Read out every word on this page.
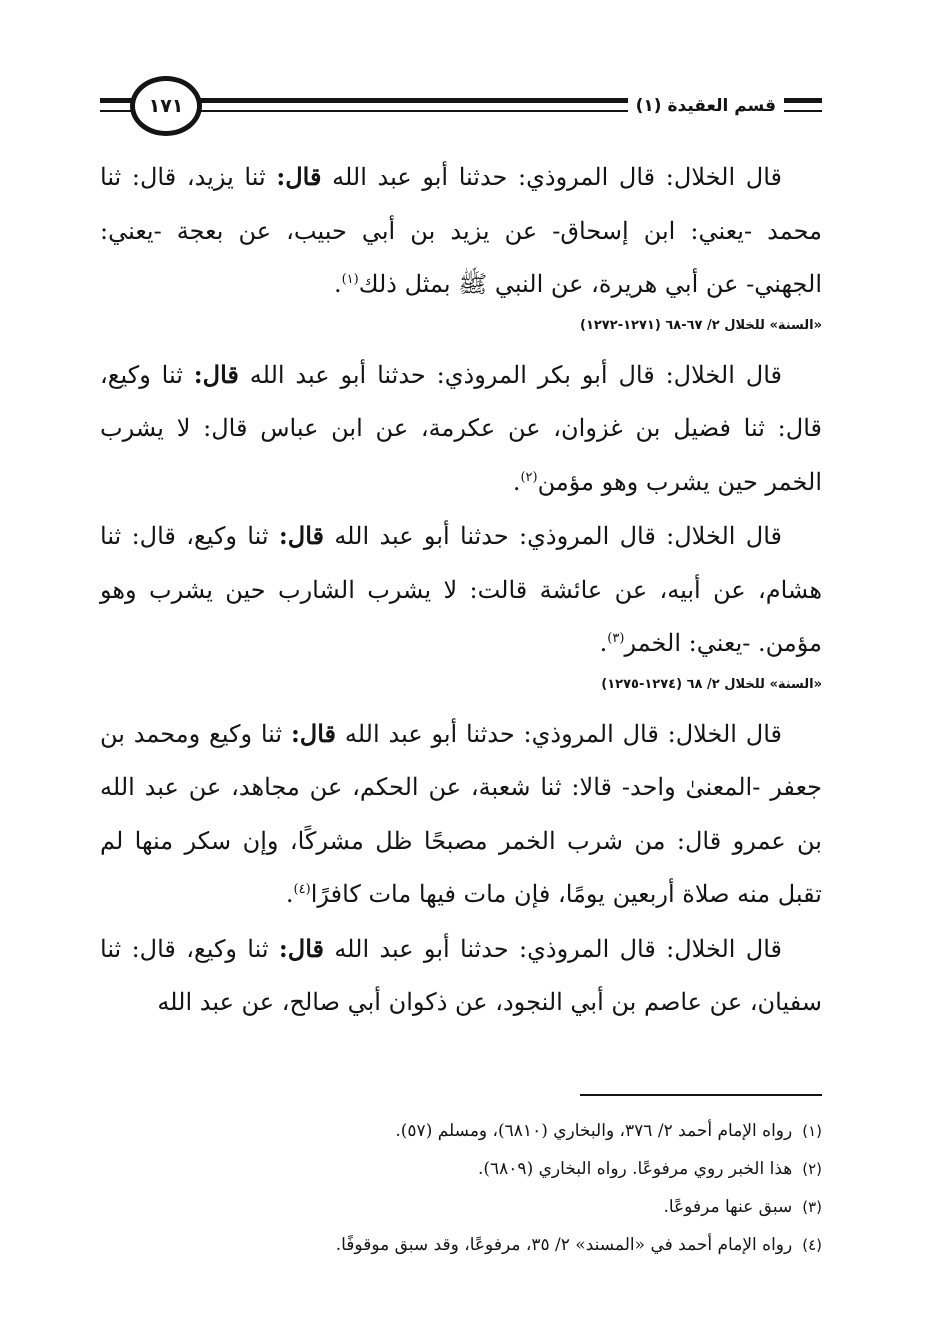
١٧١	قسم العقيدة (١)

قال الخلال: قال المروذي: حدثنا أبو عبد الله قال: ثنا يزيد، قال: ثنا محمد -يعني: ابن إسحاق- عن يزيد بن أبي حبيب، عن بعجة -يعني: الجهني- عن أبي هريرة، عن النبي ﷺ بمثل ذلك$^{(١)}$.

«السنة» للخلال ٢/ ٦٧-٦٨ (١٢٧١-١٢٧٢)

قال الخلال: قال أبو بكر المروذي: حدثنا أبو عبد الله قال: ثنا وكيع، قال: ثنا فضيل بن غزوان، عن عكرمة، عن ابن عباس قال: لا يشرب الخمر حين يشرب وهو مؤمن$^{(٢)}$.

قال الخلال: قال المروذي: حدثنا أبو عبد الله قال: ثنا وكيع، قال: ثنا هشام، عن أبيه، عن عائشة قالت: لا يشرب الشارب حين يشرب وهو مؤمن. -يعني: الخمر$^{(٣)}$.

«السنة» للخلال ٢/ ٦٨ (١٢٧٤-١٢٧٥)

قال الخلال: قال المروذي: حدثنا أبو عبد الله قال: ثنا وكيع ومحمد بن جعفر -المعنىٰ واحد- قالا: ثنا شعبة، عن الحكم، عن مجاهد، عن عبد الله بن عمرو قال: من شرب الخمر مصبحًا ظل مشركًا، وإن سكر منها لم تقبل منه صلاة أربعين يومًا، فإن مات فيها مات كافرًا$^{(٤)}$.

قال الخلال: قال المروذي: حدثنا أبو عبد الله قال: ثنا وكيع، قال: ثنا سفيان، عن عاصم بن أبي النجود، عن ذكوان أبي صالح، عن عبد الله

(١)
رواه الإمام أحمد ٢/ ٣٧٦، والبخاري (٦٨١٠)، ومسلم (٥٧).
(٢)
هذا الخبر روي مرفوعًا. رواه البخاري (٦٨٠٩).
(٣)
سبق عنها مرفوعًا.
(٤)
رواه الإمام أحمد في «المسند» ٢/ ٣٥، مرفوعًا، وقد سبق موقوفًا.
